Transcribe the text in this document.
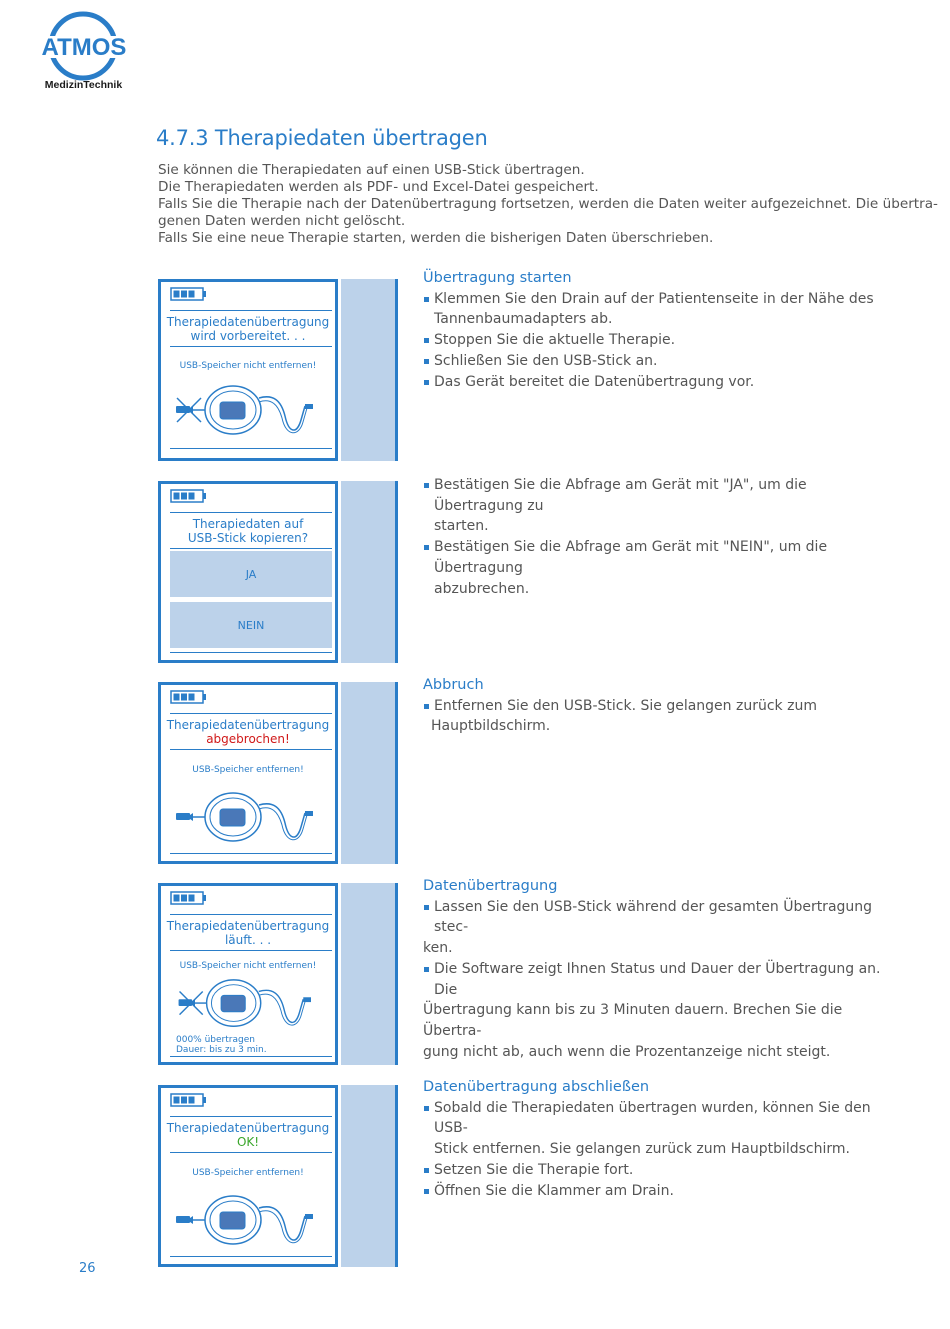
ATMOS
MedizinTechnik
4.7.3 Therapiedaten übertragen
Sie können die Therapiedaten auf einen USB-Stick übertragen.
Die Therapiedaten werden als PDF- und Excel-Datei gespeichert.
Falls Sie die Therapie nach der Datenübertragung fortsetzen, werden die Daten weiter aufgezeichnet. Die übertra-
genen Daten werden nicht gelöscht.
Falls Sie eine neue Therapie starten, werden die bisherigen Daten überschrieben.
Therapiedatenübertragung
wird vorbereitet. . .
USB-Speicher nicht entfernen!
Therapiedaten auf
USB-Stick kopieren?
JA
NEIN
Therapiedatenübertragung
abgebrochen!
USB-Speicher entfernen!
Therapiedatenübertragung
läuft. . .
USB-Speicher nicht entfernen!
000% übertragen
Dauer: bis zu 3 min.
Therapiedatenübertragung
OK!
USB-Speicher entfernen!
Übertragung starten
Klemmen Sie den Drain auf der Patientenseite in der Nähe des
Tannenbaumadapters ab.
Stoppen Sie die aktuelle Therapie.
Schließen Sie den USB-Stick an.
Das Gerät bereitet die Datenübertragung vor.
Bestätigen Sie die Abfrage am Gerät mit "JA", um die Übertragung zu
starten.
Bestätigen Sie die Abfrage am Gerät mit "NEIN", um die Übertragung
abzubrechen.
Abbruch
Entfernen Sie den USB-Stick. Sie gelangen zurück zum
Hauptbildschirm.
Datenübertragung
Lassen Sie den USB-Stick während der gesamten Übertragung stec-
ken.
Die Software zeigt Ihnen Status und Dauer der Übertragung an. Die
Übertragung kann bis zu 3 Minuten dauern. Brechen Sie die Übertra-
gung nicht ab, auch wenn die Prozentanzeige nicht steigt.
Datenübertragung abschließen
Sobald die Therapiedaten übertragen wurden, können Sie den USB-
Stick entfernen. Sie gelangen zurück zum Hauptbildschirm.
Setzen Sie die Therapie fort.
Öffnen Sie die Klammer am Drain.
26
